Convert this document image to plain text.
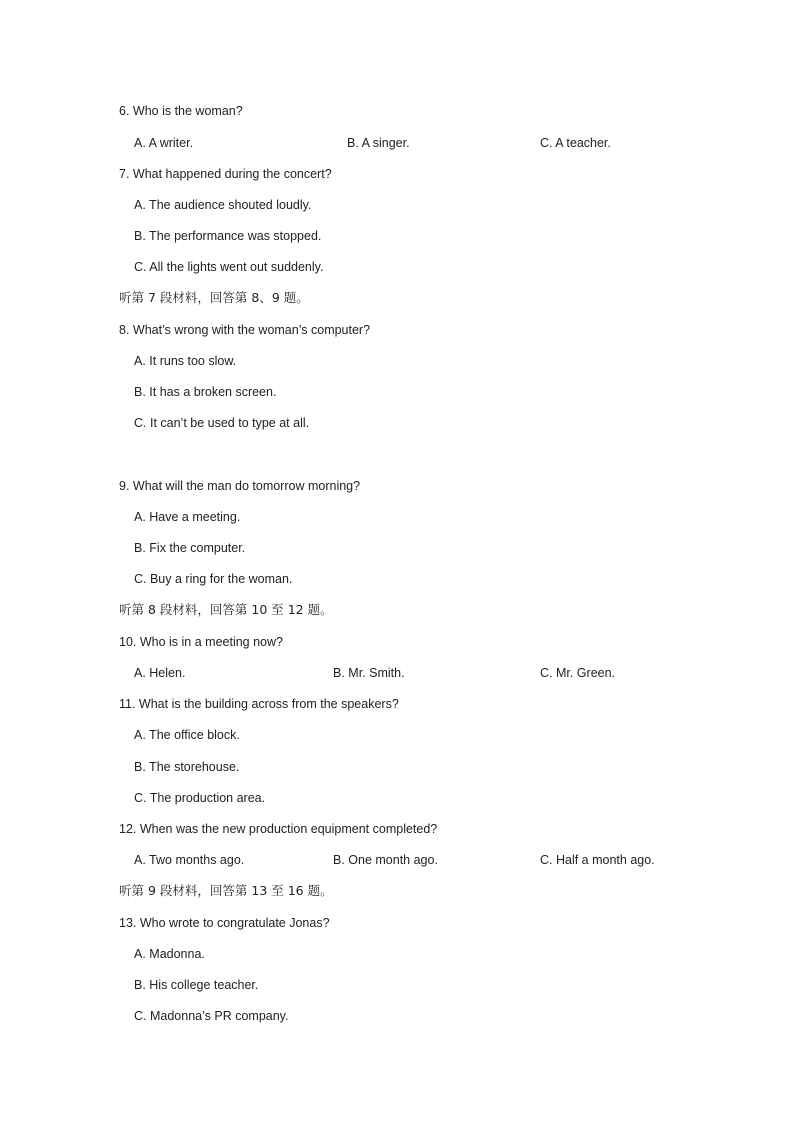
6. Who is the woman?
A. A writer.	B. A singer.	C. A teacher.
7. What happened during the concert?
A. The audience shouted loudly.
B. The performance was stopped.
C. All the lights went out suddenly.
听第 7 段材料，回答第 8、9 题。
8. What’s wrong with the woman’s computer?
A. It runs too slow.
B. It has a broken screen.
C. It can’t be used to type at all.
9. What will the man do tomorrow morning?
A. Have a meeting.
B. Fix the computer.
C. Buy a ring for the woman.
听第 8 段材料，回答第 10 至 12 题。
10. Who is in a meeting now?
A. Helen.	B. Mr. Smith.	C. Mr. Green.
11. What is the building across from the speakers?
A. The office block.
B. The storehouse.
C. The production area.
12. When was the new production equipment completed?
A. Two months ago.	B. One month ago.	C. Half a month ago.
听第 9 段材料，回答第 13 至 16 题。
13. Who wrote to congratulate Jonas?
A. Madonna.
B. His college teacher.
C. Madonna’s PR company.
